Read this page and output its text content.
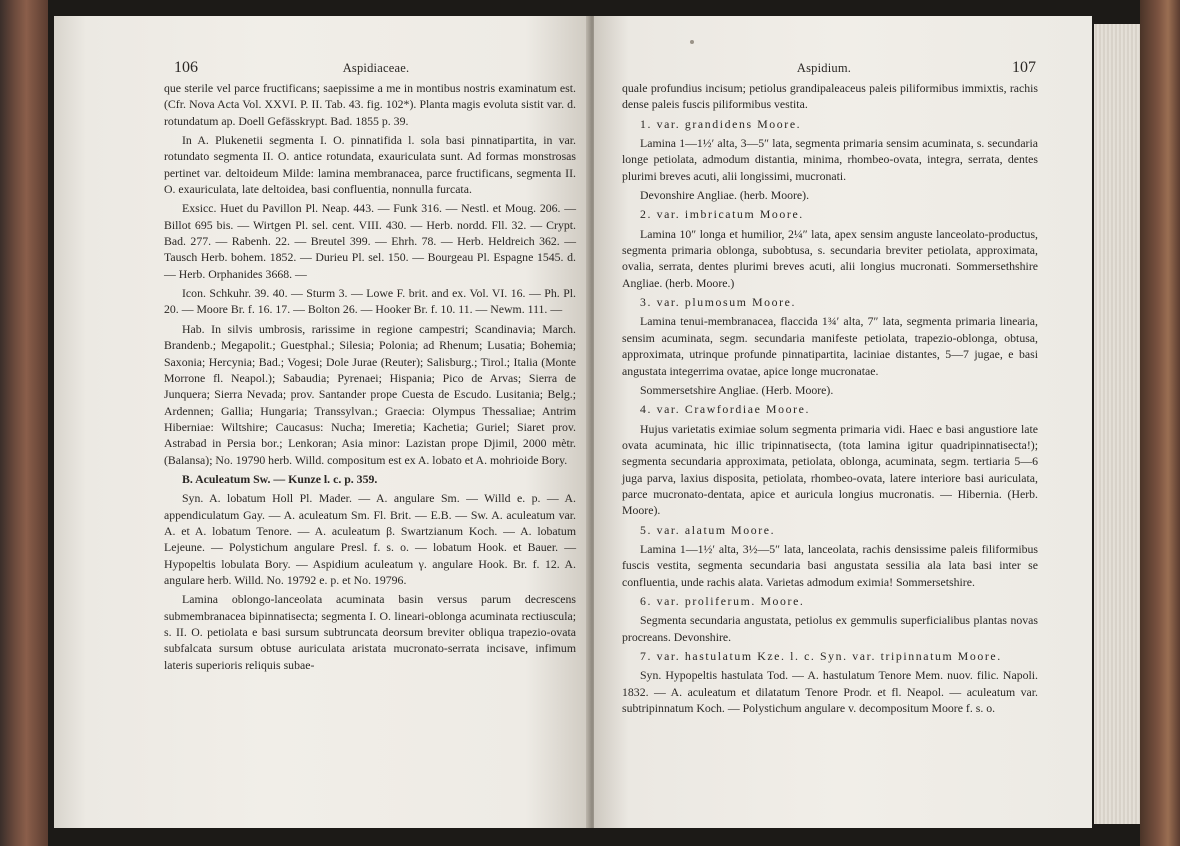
106	Aspidiaceae.

que sterile vel parce fructificans; saepissime a me in montibus nostris examinatum est. (Cfr. Nova Acta Vol. XXVI. P. II. Tab. 43. fig. 102*). Planta magis evoluta sistit var. d. rotundatum ap. Doell Gefässkrypt. Bad. 1855 p. 39.

In A. Plukenetii segmenta I. O. pinnatifida l. sola basi pinnatipartita, in var. rotundato segmenta II. O. antice rotundata, exauriculata sunt. Ad formas monstrosas pertinet var. deltoideum Milde: lamina membranacea, parce fructificans, segmenta II. O. exauriculata, late deltoidea, basi confluentia, nonnulla furcata.

Exsicc. Huet du Pavillon Pl. Neap. 443. — Funk 316. — Nestl. et Moug. 206. — Billot 695 bis. — Wirtgen Pl. sel. cent. VIII. 430. — Herb. nordd. Fll. 32. — Crypt. Bad. 277. — Rabenh. 22. — Breutel 399. — Ehrh. 78. — Herb. Heldreich 362. — Tausch Herb. bohem. 1852. — Durieu Pl. sel. 150. — Bourgeau Pl. Espagne 1545. d. — Herb. Orphanides 3668. —

Icon. Schkuhr. 39. 40. — Sturm 3. — Lowe F. brit. and ex. Vol. VI. 16. — Ph. Pl. 20. — Moore Br. f. 16. 17. — Bolton 26. — Hooker Br. f. 10. 11. — Newm. 111. —

Hab. In silvis umbrosis, rarissime in regione campestri; Scandinavia; March. Brandenb.; Megapolit.; Guestphal.; Silesia; Polonia; ad Rhenum; Lusatia; Bohemia; Saxonia; Hercynia; Bad.; Vogesi; Dole Jurae (Reuter); Salisburg.; Tirol.; Italia (Monte Morrone fl. Neapol.); Sabaudia; Pyrenaei; Hispania; Pico de Arvas; Sierra de Junquera; Sierra Nevada; prov. Santander prope Cuesta de Escudo. Lusitania; Belg.; Ardennen; Gallia; Hungaria; Transsylvan.; Graecia: Olympus Thessaliae; Antrim Hiberniae: Wiltshire; Caucasus: Nucha; Imeretia; Kachetia; Guriel; Siaret prov. Astrabad in Persia bor.; Lenkoran; Asia minor: Lazistan prope Djimil, 2000 mètr. (Balansa); No. 19790 herb. Willd. compositum est ex A. lobato et A. mohrioide Bory.

B. Aculeatum Sw. — Kunze l. c. p. 359.

Syn. A. lobatum Holl Pl. Mader. — A. angulare Sm. — Willd e. p. — A. appendiculatum Gay. — A. aculeatum Sm. Fl. Brit. — E.B. — Sw. A. aculeatum var. A. et A. lobatum Tenore. — A. aculeatum β. Swartzianum Koch. — A. lobatum Lejeune. — Polystichum angulare Presl. f. s. o. — lobatum Hook. et Bauer. — Hypopeltis lobulata Bory. — Aspidium aculeatum γ. angulare Hook. Br. f. 12. A. angulare herb. Willd. No. 19792 e. p. et No. 19796.

Lamina oblongo-lanceolata acuminata basin versus parum decrescens submembranacea bipinnatisecta; segmenta I. O. lineari-oblonga acuminata rectiuscula; s. II. O. petiolata e basi sursum subtruncata deorsum breviter obliqua trapezio-ovata subfalcata sursum obtuse auriculata aristata mucronato-serrata incisave, infimum lateris superioris reliquis subae-

Aspidium.	107

quale profundius incisum; petiolus grandipaleaceus paleis piliformibus immixtis, rachis dense paleis fuscis piliformibus vestita.

1. var. grandidens Moore.

Lamina 1—1½′ alta, 3—5″ lata, segmenta primaria sensim acuminata, s. secundaria longe petiolata, admodum distantia, minima, rhombeo-ovata, integra, serrata, dentes plurimi breves acuti, alii longissimi, mucronati.

Devonshire Angliae. (herb. Moore).

2. var. imbricatum Moore.

Lamina 10″ longa et humilior, 2¼″ lata, apex sensim anguste lanceolato-productus, segmenta primaria oblonga, subobtusa, s. secundaria breviter petiolata, approximata, ovalia, serrata, dentes plurimi breves acuti, alii longius mucronati. Sommersethshire Angliae. (herb. Moore.)

3. var. plumosum Moore.

Lamina tenui-membranacea, flaccida 1¾′ alta, 7″ lata, segmenta primaria linearia, sensim acuminata, segm. secundaria manifeste petiolata, trapezio-oblonga, obtusa, approximata, utrinque profunde pinnatipartita, laciniae distantes, 5—7 jugae, e basi angustata integerrima ovatae, apice longe mucronatae.

Sommersetshire Angliae. (Herb. Moore).

4. var. Crawfordiae Moore.

Hujus varietatis eximiae solum segmenta primaria vidi. Haec e basi angustiore late ovata acuminata, hic illic tripinnatisecta, (tota lamina igitur quadripinnatisecta!); segmenta secundaria approximata, petiolata, oblonga, acuminata, segm. tertiaria 5—6 juga parva, laxius disposita, petiolata, rhombeo-ovata, latere interiore basi auriculata, parce mucronato-dentata, apice et auricula longius mucronatis. — Hibernia. (Herb. Moore).

5. var. alatum Moore.

Lamina 1—1½′ alta, 3½—5″ lata, lanceolata, rachis densissime paleis filiformibus fuscis vestita, segmenta secundaria basi angustata sessilia ala lata basi inter se confluentia, unde rachis alata. Varietas admodum eximia! Sommersetshire.

6. var. proliferum. Moore.

Segmenta secundaria angustata, petiolus ex gemmulis superficialibus plantas novas procreans. Devonshire.

7. var. hastulatum Kze. l. c. Syn. var. tripinnatum Moore.

Syn. Hypopeltis hastulata Tod. — A. hastulatum Tenore Mem. nuov. filic. Napoli. 1832. — A. aculeatum et dilatatum Tenore Prodr. et fl. Neapol. — aculeatum var. subtripinnatum Koch. — Polystichum angulare v. decompositum Moore f. s. o.
